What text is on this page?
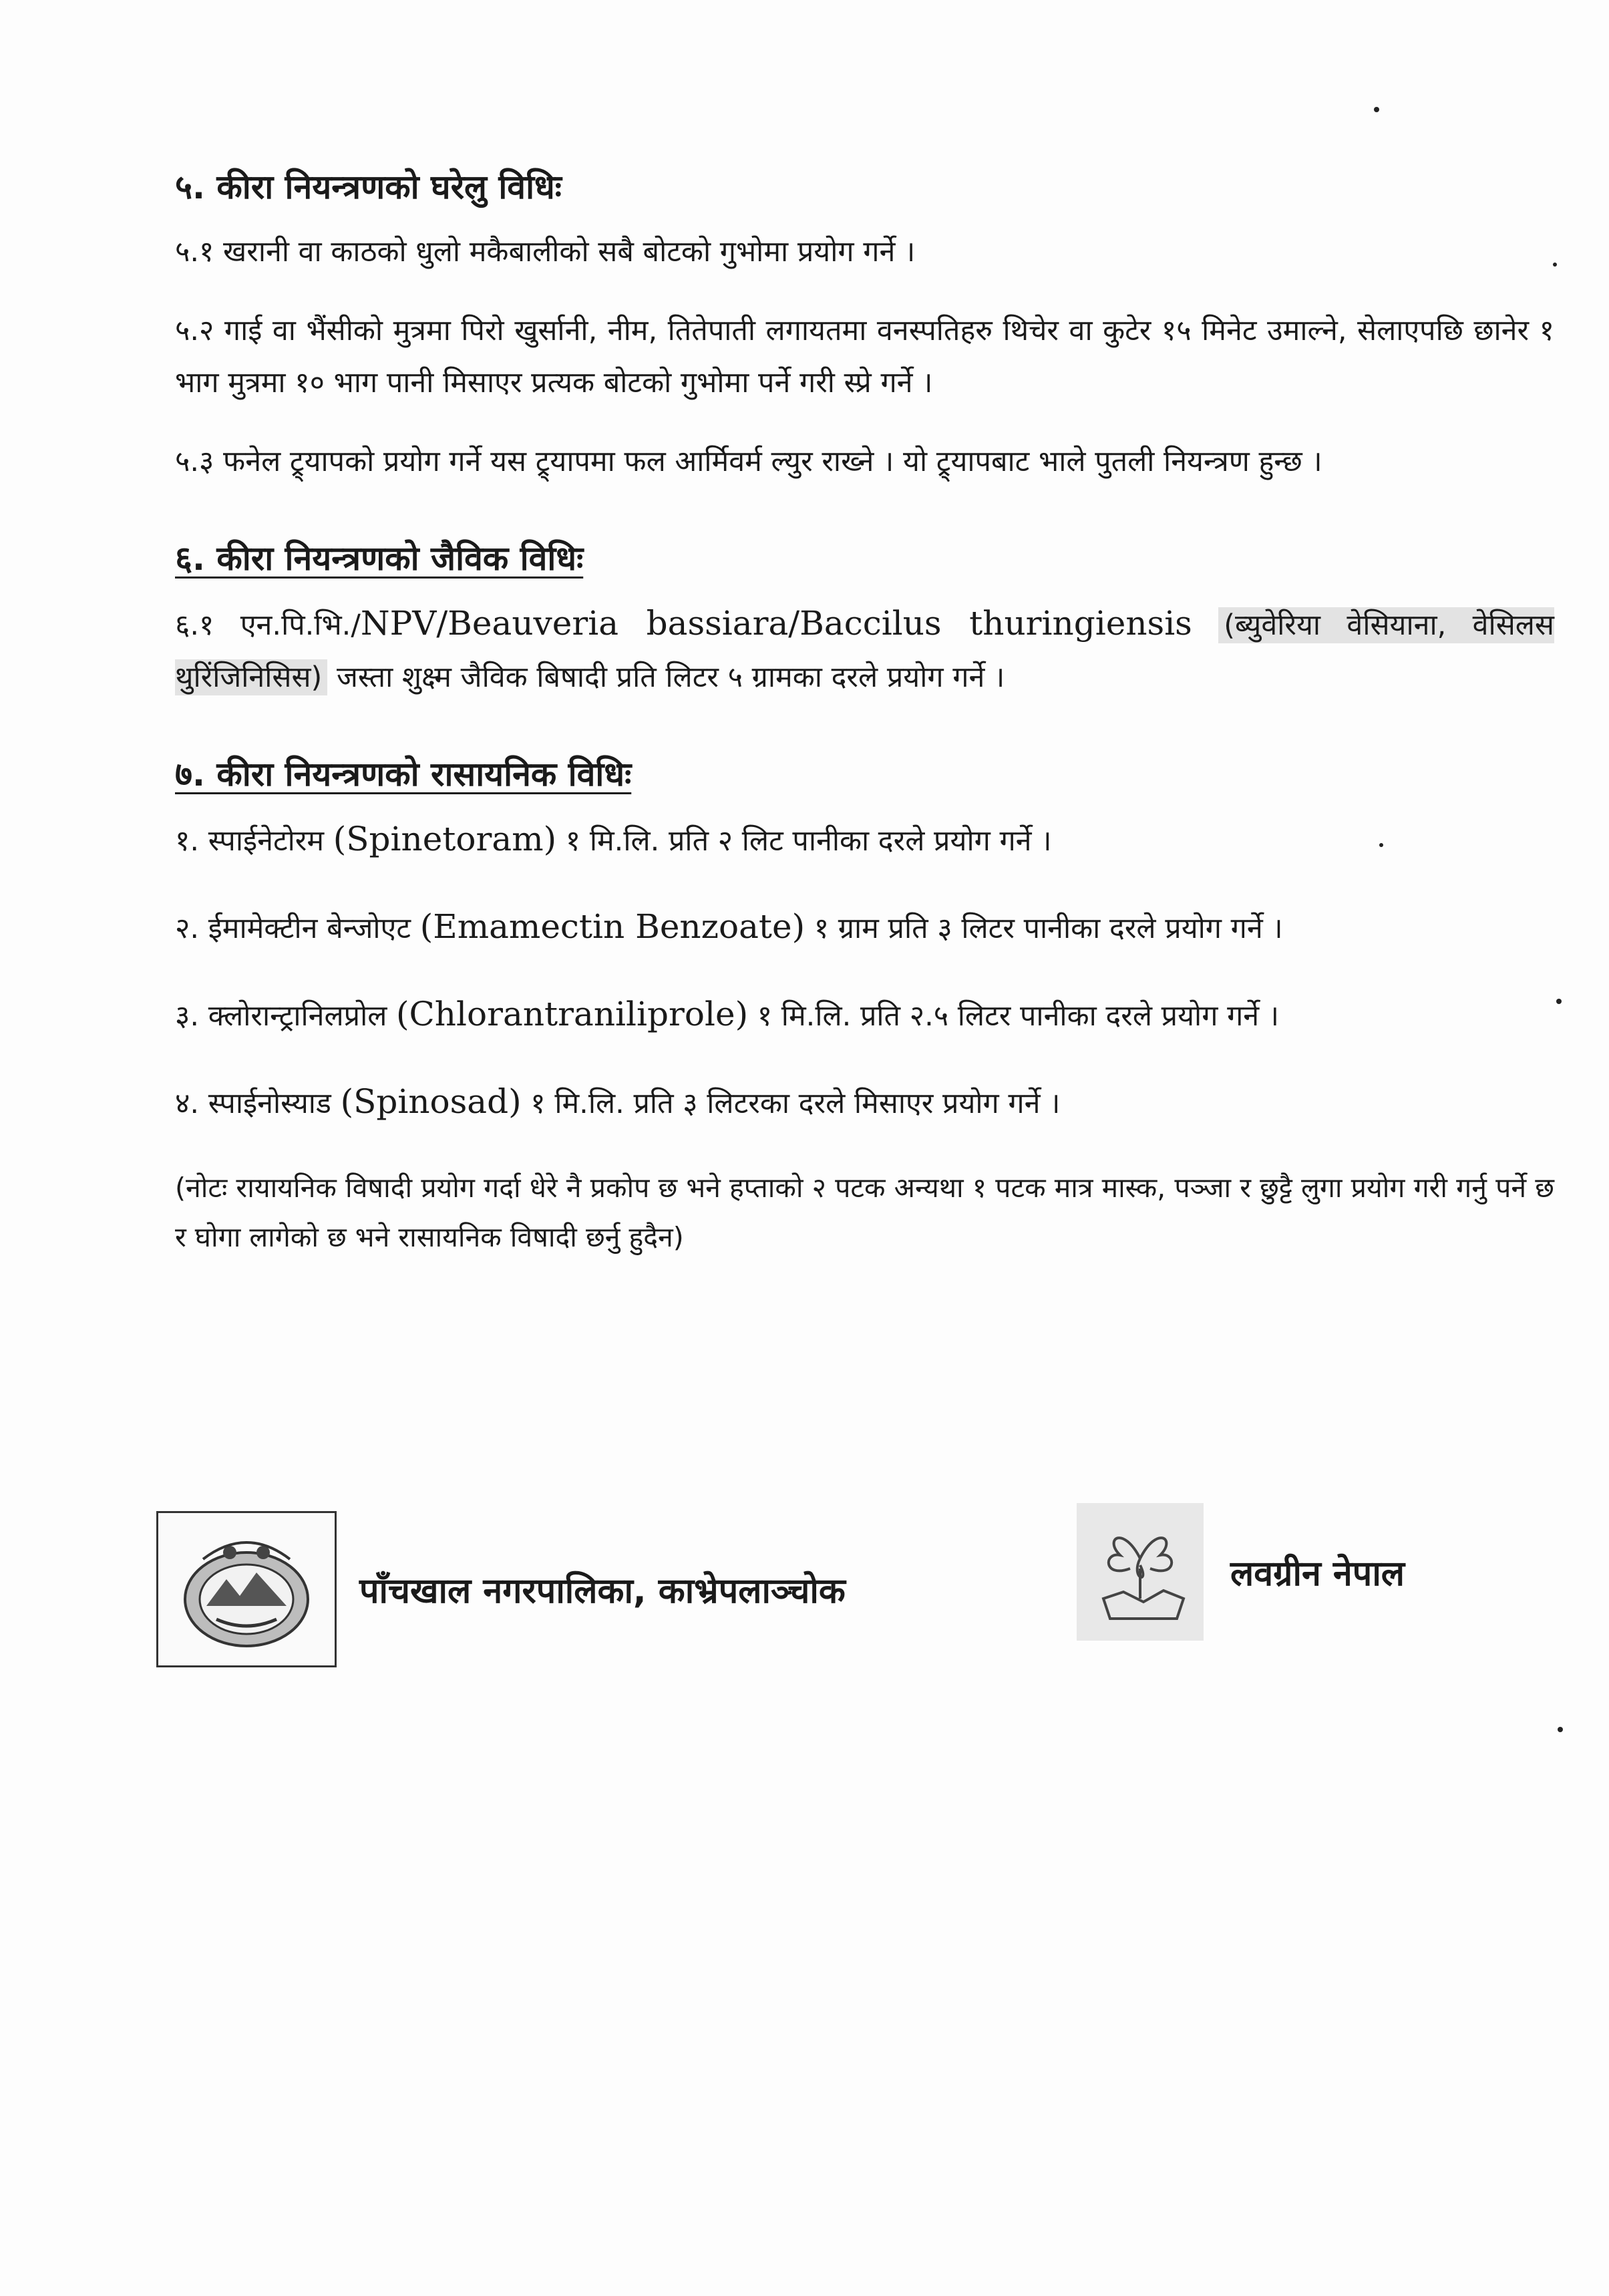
५. कीरा नियन्त्रणको घरेलु विधिः

५.१ खरानी वा काठको धुलो मकैबालीको सबै बोटको गुभोमा प्रयोग गर्ने ।

५.२ गाई वा भैंसीको मुत्रमा पिरो खुर्सानी, नीम, तितेपाती लगायतमा वनस्पतिहरु थिचेर वा कुटेर १५ मिनेट उमाल्ने, सेलाएपछि छानेर १ भाग मुत्रमा १० भाग पानी मिसाएर प्रत्यक बोटको गुभोमा पर्ने गरी स्प्रे गर्ने ।

५.३ फनेल ट्र्यापको प्रयोग गर्ने यस ट्र्यापमा फल आर्मिवर्म ल्युर राख्ने । यो ट्र्यापबाट भाले पुतली नियन्त्रण हुन्छ ।

६. कीरा नियन्त्रणको जैविक विधिः

६.१ एन.पि.भि./NPV/Beauveria bassiara/Baccilus thuringiensis (ब्युवेरिया वेसियाना, वेसिलस थुरिंजिनिसिस) जस्ता शुक्ष्म जैविक बिषादी प्रति लिटर ५ ग्रामका दरले प्रयोग गर्ने ।

७. कीरा नियन्त्रणको रासायनिक विधिः
१. स्पाईनेटोरम (Spinetoram) १ मि.लि. प्रति २ लिट पानीका दरले प्रयोग गर्ने ।
२. ईमामेक्टीन बेन्जोएट (Emamectin Benzoate) १ ग्राम प्रति ३ लिटर पानीका दरले प्रयोग गर्ने ।
३. क्लोरान्ट्रानिलप्रोल (Chlorantraniliprole) १ मि.लि. प्रति २.५ लिटर पानीका दरले प्रयोग गर्ने ।
४. स्पाईनोस्याड (Spinosad) १ मि.लि. प्रति ३ लिटरका दरले मिसाएर प्रयोग गर्ने ।

(नोटः रायायनिक विषादी प्रयोग गर्दा धेरे नै प्रकोप छ भने हप्ताको २ पटक अन्यथा १ पटक मात्र मास्क, पञ्जा र छुट्टै लुगा प्रयोग गरी गर्नु पर्ने छ र घोगा लागेको छ भने रासायनिक विषादी छर्नु हुदैन)

पाँचखाल नगरपालिका, काभ्रेपलाञ्चोक	लवग्रीन नेपाल
